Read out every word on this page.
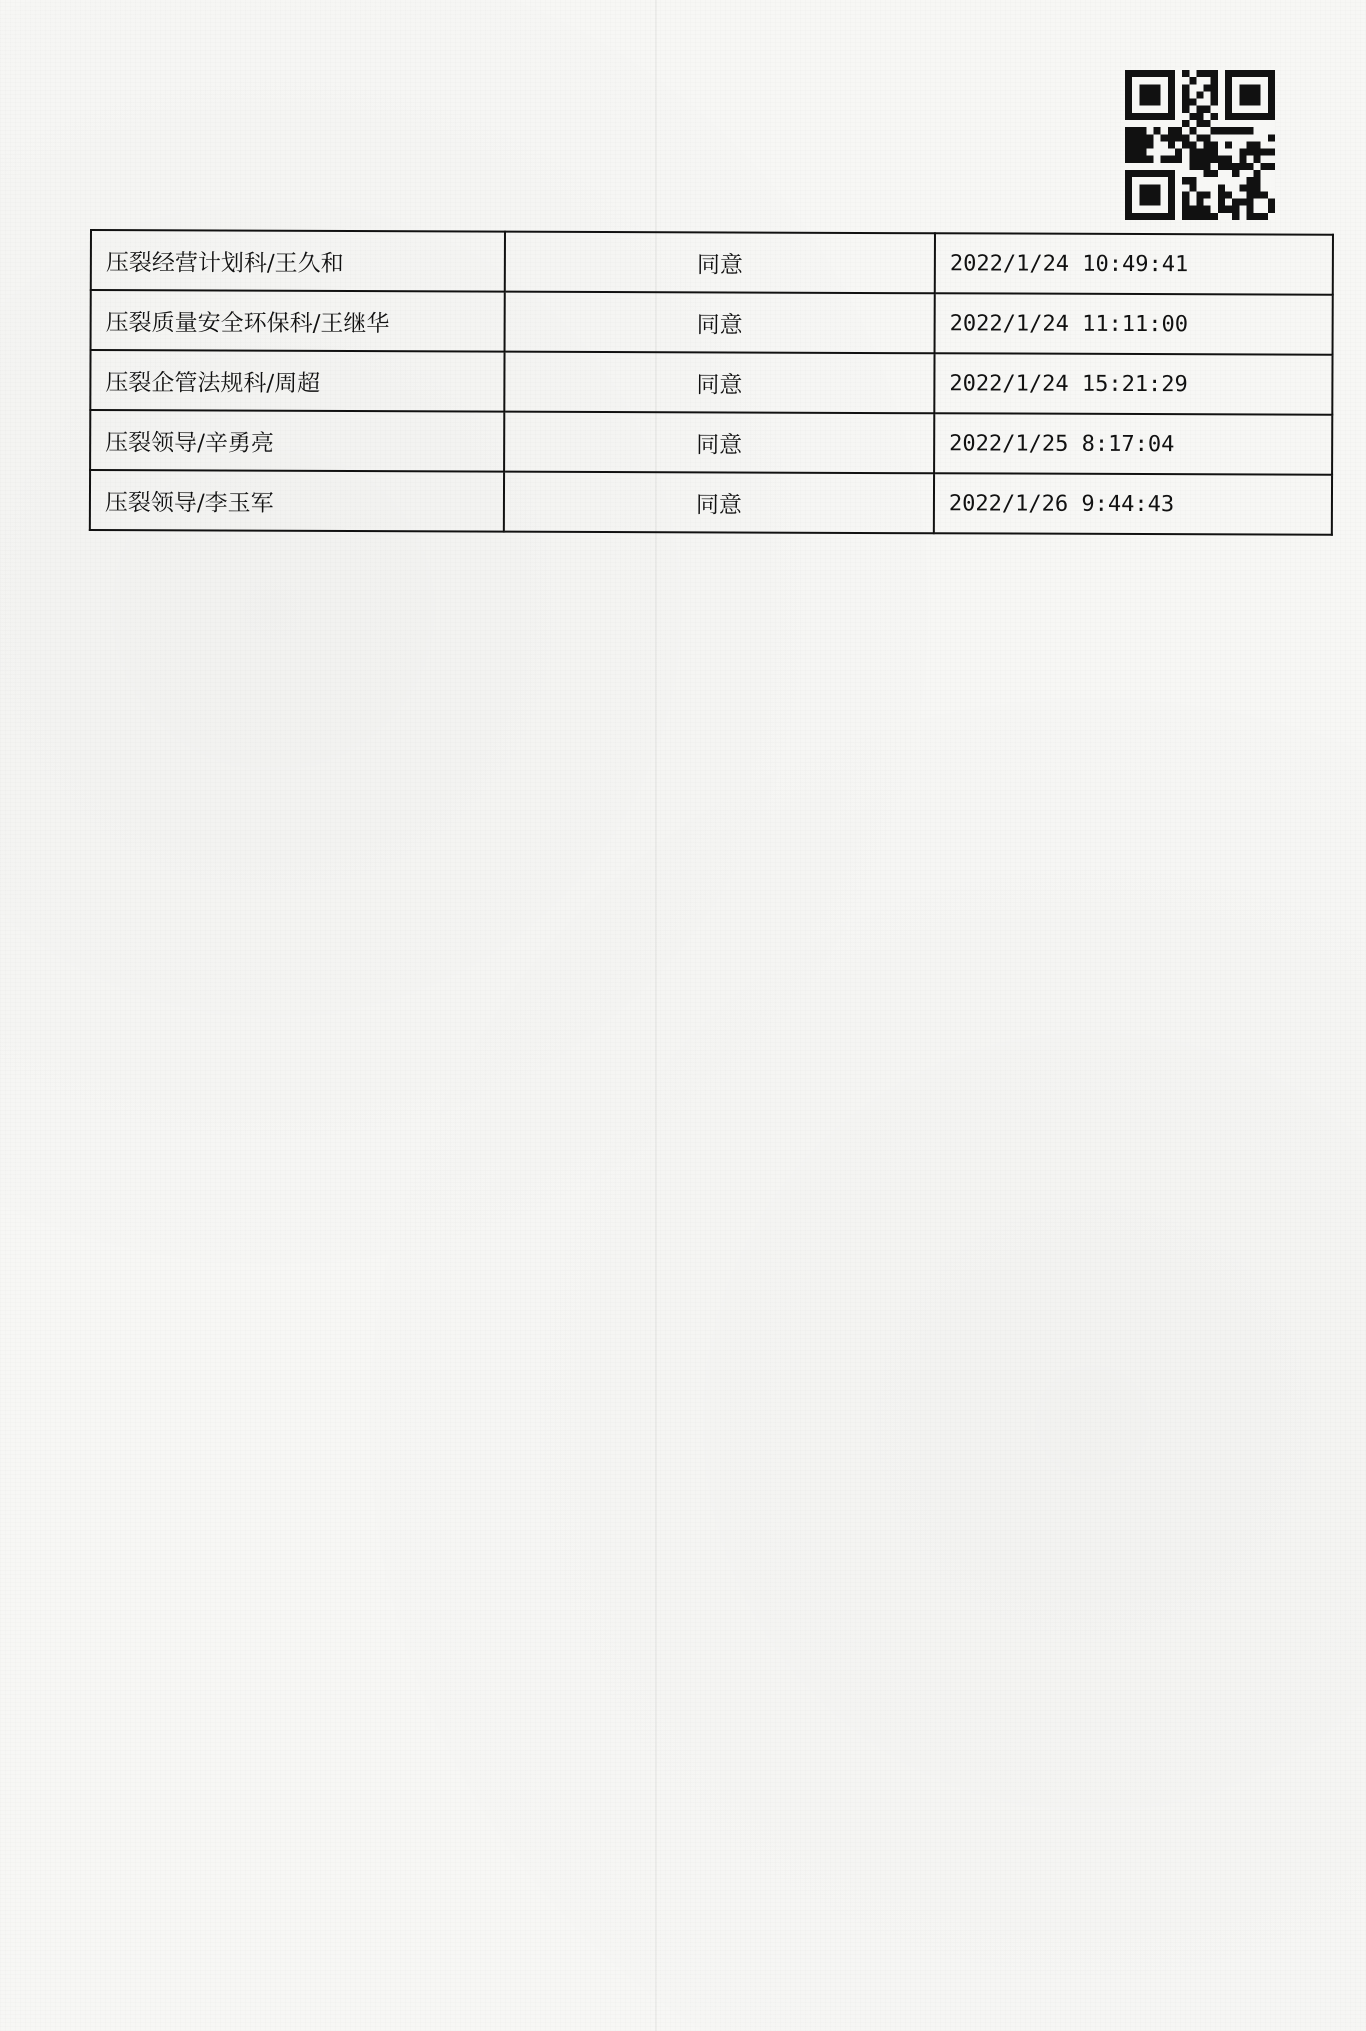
压裂经营计划科/王久和	同意	2022/1/24 10:49:41
压裂质量安全环保科/王继华	同意	2022/1/24 11:11:00
压裂企管法规科/周超	同意	2022/1/24 15:21:29
压裂领导/辛勇亮	同意	2022/1/25 8:17:04
压裂领导/李玉军	同意	2022/1/26 9:44:43
